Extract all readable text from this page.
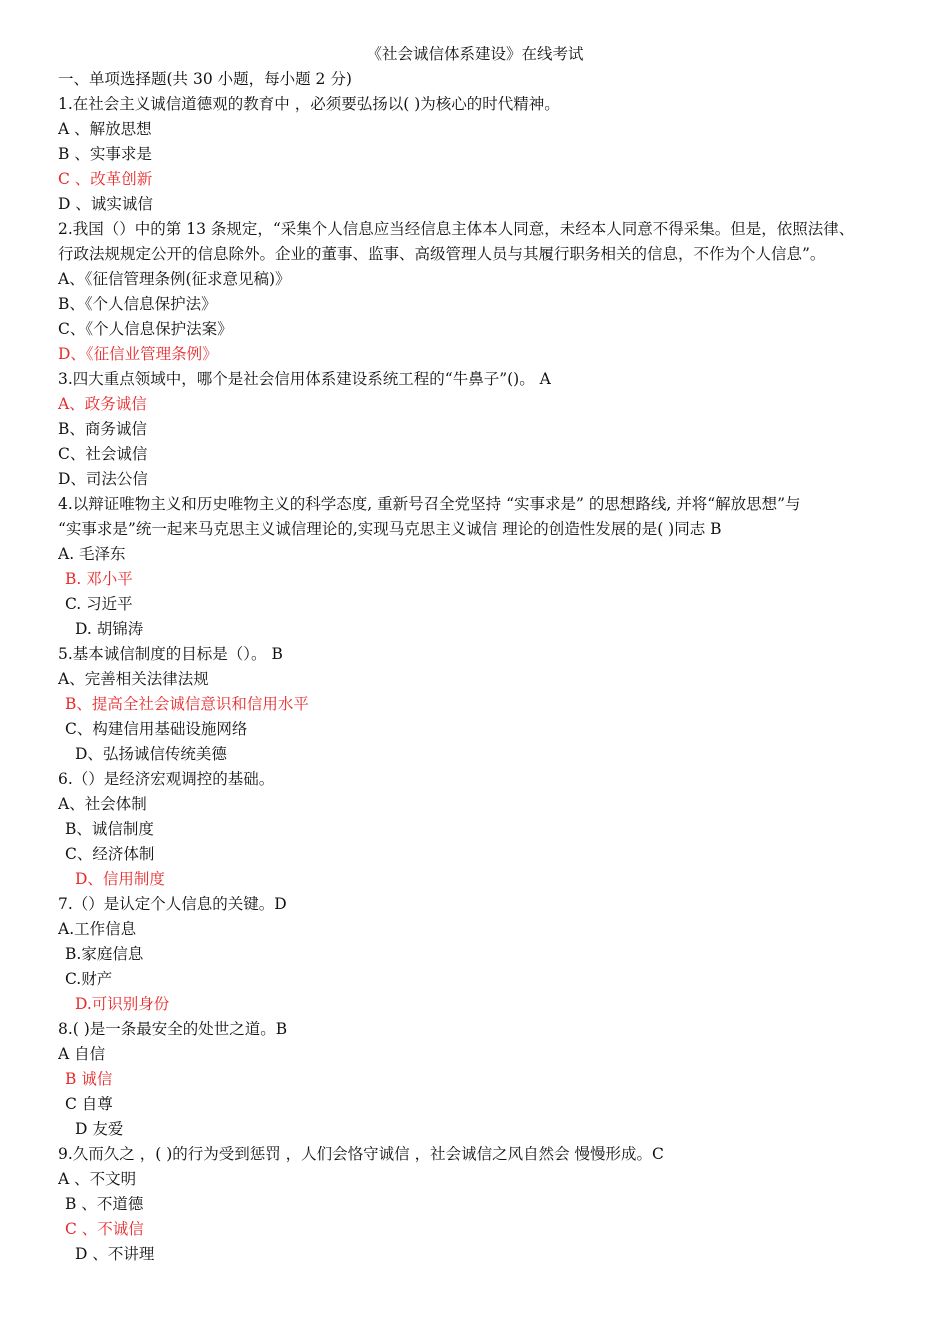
《社会诚信体系建设》在线考试
一、单项选择题(共 30 小题，每小题 2 分)
1.在社会主义诚信道德观的教育中 ，必须要弘扬以( )为核心的时代精神。
A 、解放思想
B 、实事求是
C 、改革创新
D 、诚实诚信
2.我国（）中的第 13 条规定，“采集个人信息应当经信息主体本人同意，未经本人同意不得采集。但是，依照法律、
行政法规规定公开的信息除外。企业的董事、监事、高级管理人员与其履行职务相关的信息，不作为个人信息”。
A、《征信管理条例(征求意见稿)》
B、《个人信息保护法》
C、《个人信息保护法案》
D、《征信业管理条例》
3.四大重点领域中，哪个是社会信用体系建设系统工程的“牛鼻子”()。 A
A、政务诚信
B、商务诚信
C、社会诚信
D、司法公信
4.以辩证唯物主义和历史唯物主义的科学态度, 重新号召全党坚持 “实事求是” 的思想路线, 并将“解放思想”与
“实事求是”统一起来马克思主义诚信理论的,实现马克思主义诚信 理论的创造性发展的是( )同志 B
A. 毛泽东
B. 邓小平
C. 习近平
D. 胡锦涛
5.基本诚信制度的目标是（）。 B
A、完善相关法律法规
B、提高全社会诚信意识和信用水平
C、构建信用基础设施网络
D、弘扬诚信传统美德
6.（）是经济宏观调控的基础。
A、社会体制
B、诚信制度
C、经济体制
D、信用制度
7.（）是认定个人信息的关键。D
A.工作信息
B.家庭信息
C.财产
D.可识别身份
8.( )是一条最安全的处世之道。B
A 自信
B 诚信
C 自尊
D 友爱
9.久而久之 ，( )的行为受到惩罚 ，人们会恪守诚信 ，社会诚信之风自然会 慢慢形成。C
A 、不文明
B 、不道德
C 、不诚信
D 、不讲理
